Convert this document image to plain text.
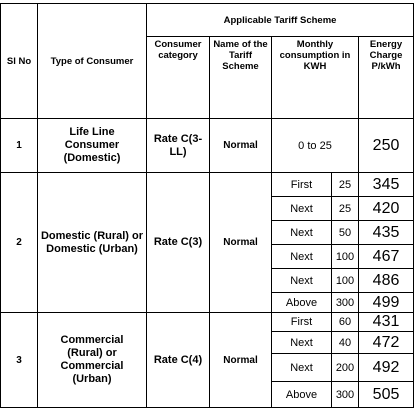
Sl No	Type of Consumer	Applicable Tariff Scheme				
		Consumer category	Name of the Tariff Scheme	Monthly consumption in KWH		Energy Charge P/kWh
1	Life Line Consumer (Domestic)	Rate C(3-LL)	Normal	0 to 25		250
2	Domestic (Rural) or Domestic (Urban)	Rate C(3)	Normal	First	25	345
				Next	25	420
				Next	50	435
				Next	100	467
				Next	100	486
				Above	300	499
3	Commercial (Rural) or Commercial (Urban)	Rate C(4)	Normal	First	60	431
				Next	40	472
				Next	200	492
				Above	300	505
